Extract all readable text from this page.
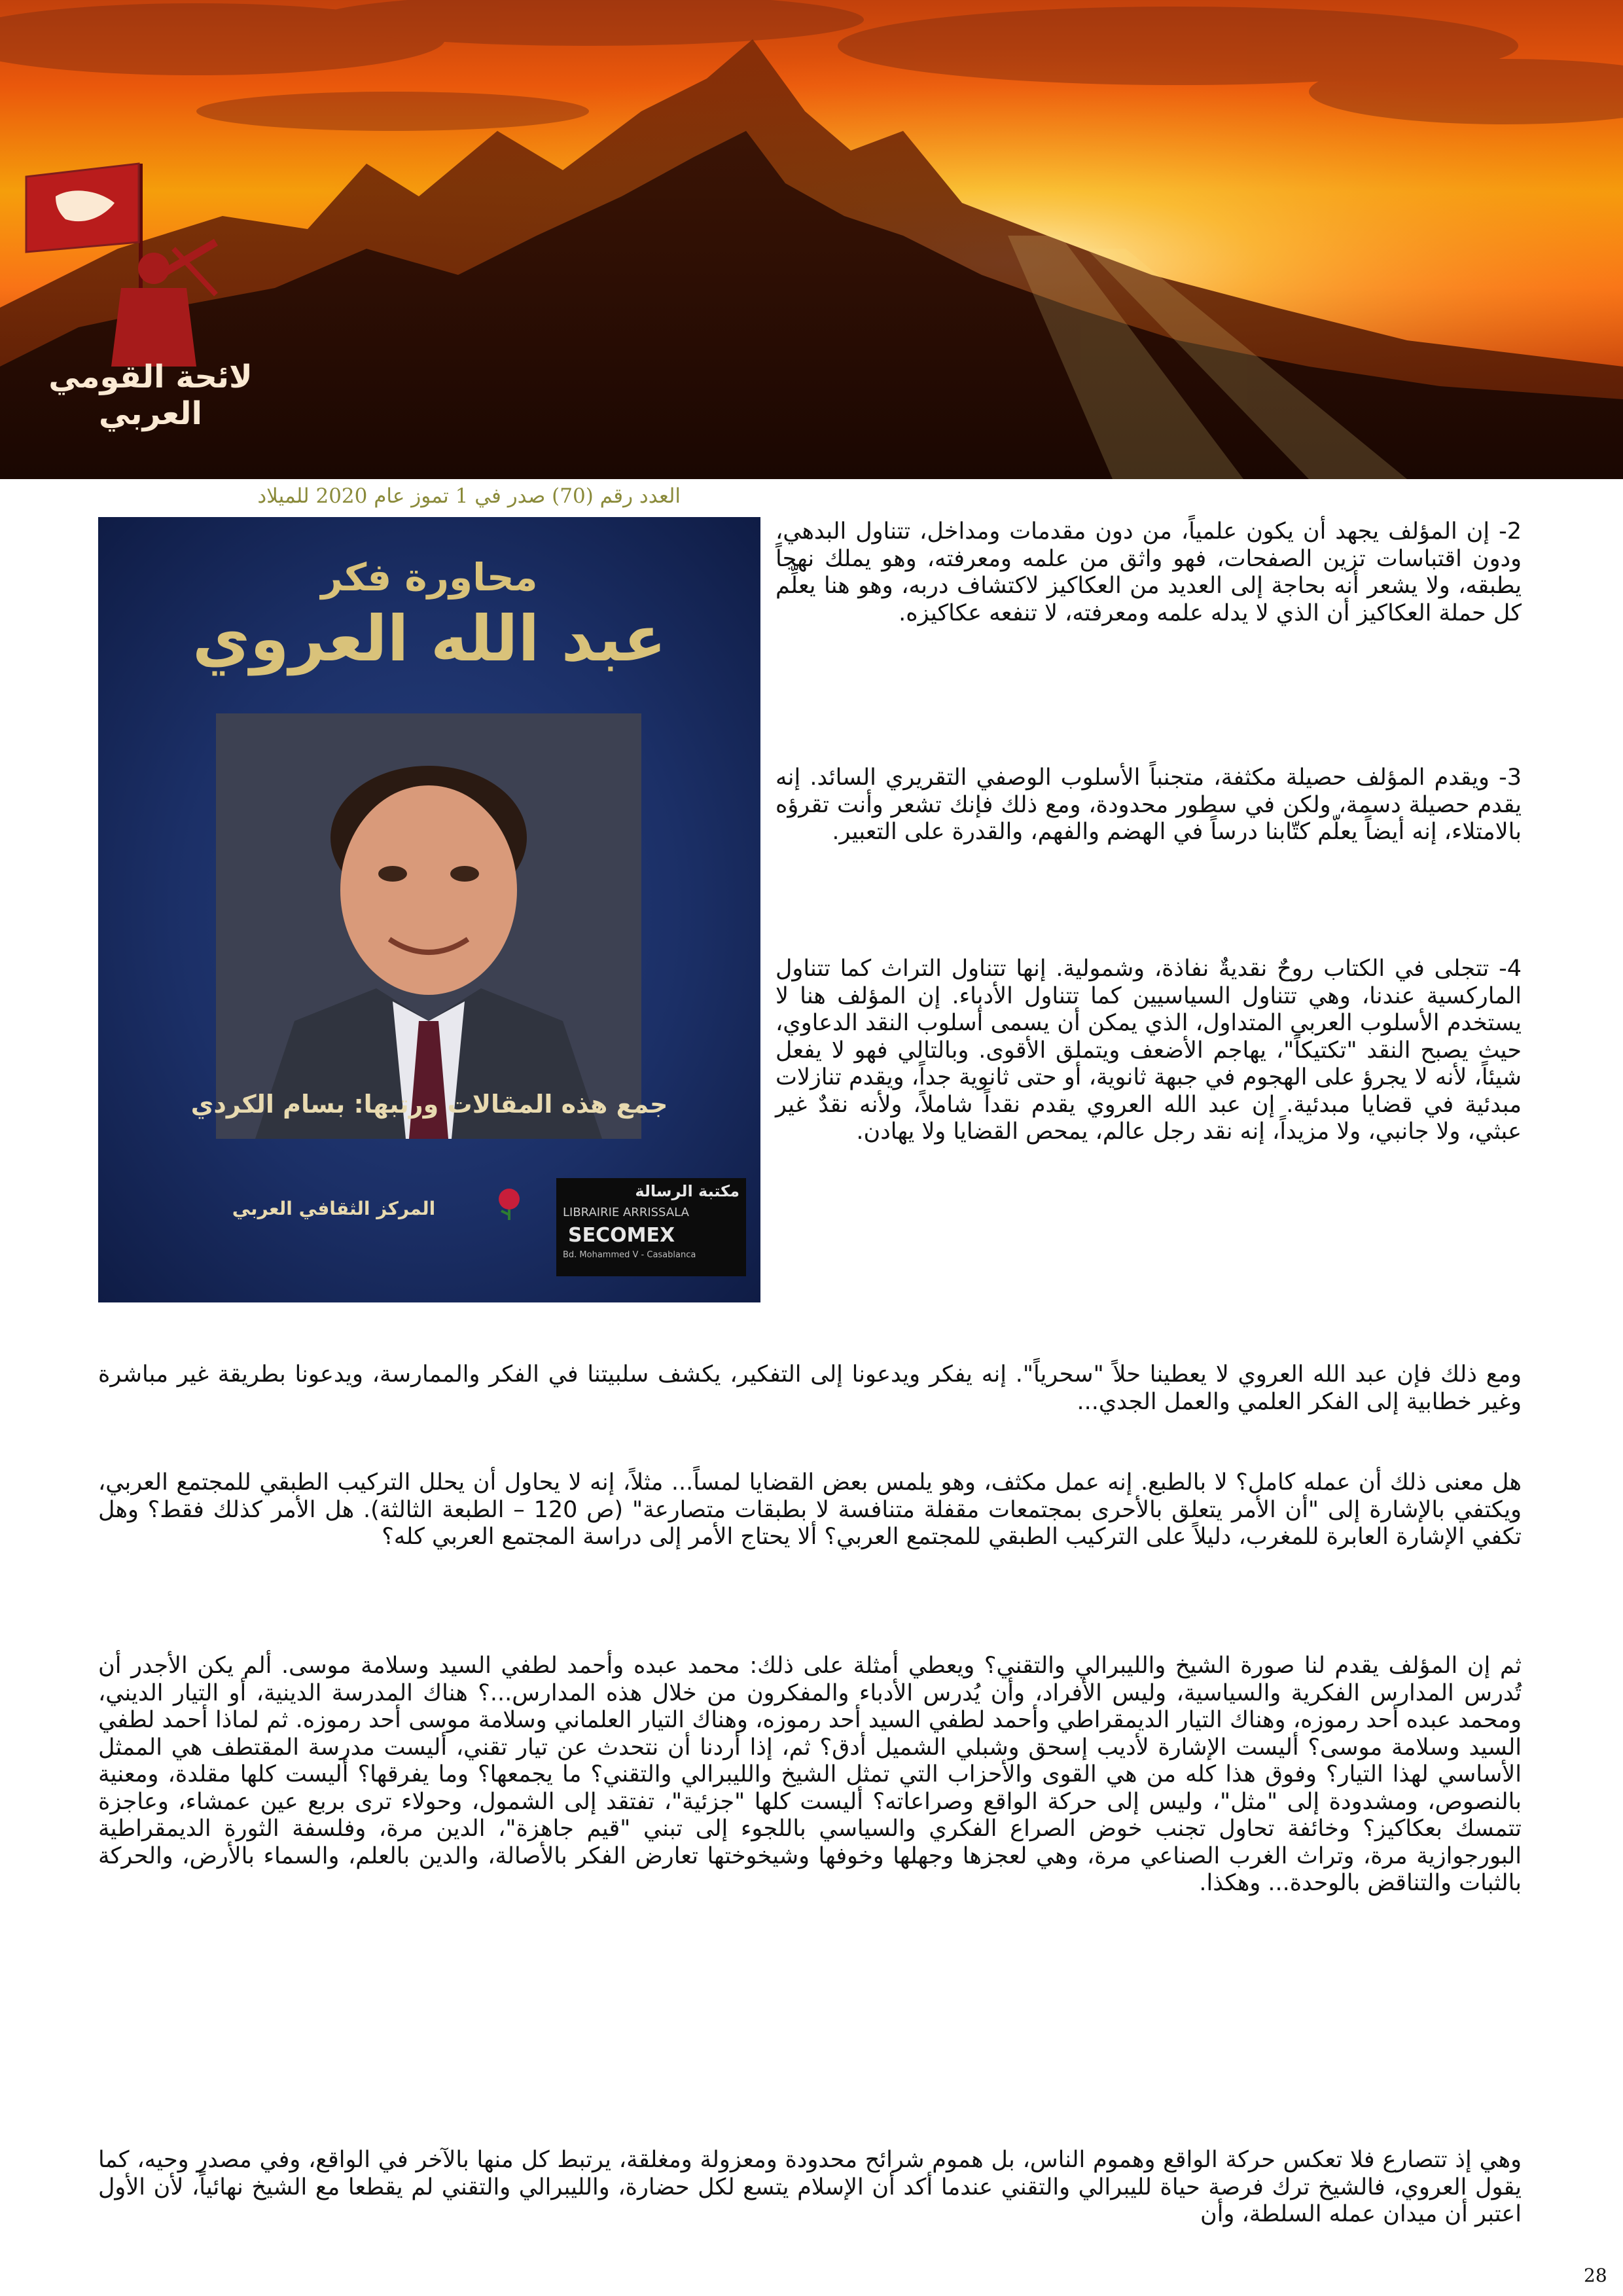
لائحة القومي العربي
العدد رقم (70) صدر في 1 تموز عام 2020 للميلاد
محاورة فكر
عبد الله العروي
جمع هذه المقالات ورتبها: بسام الكردي
المركز الثقافي العربي
مكتبة الرسالة
LIBRAIRIE ARRISSALA
SECOMEX
Bd. Mohammed V - Casablanca
2- إن المؤلف يجهد أن يكون علمياً، من دون مقدمات ومداخل، تتناول البدهي، ودون اقتباسات تزين الصفحات، فهو واثق من علمه ومعرفته، وهو يملك نهجاً يطبقه، ولا يشعر أنه بحاجة إلى العديد من العكاكيز لاكتشاف دربه، وهو هنا يعلِّم كل حملة العكاكيز أن الذي لا يدله علمه ومعرفته، لا تنفعه عكاكيزه.
3- ويقدم المؤلف حصيلة مكثفة، متجنباً الأسلوب الوصفي التقريري السائد. إنه يقدم حصيلة دسمة، ولكن في سطور محدودة، ومع ذلك فإنك تشعر وأنت تقرؤه بالامتلاء، إنه أيضاً يعلّم كتّابنا درساً في الهضم والفهم، والقدرة على التعبير.
4- تتجلى في الكتاب روحٌ نقديةٌ نفاذة، وشمولية. إنها تتناول التراث كما تتناول الماركسية عندنا، وهي تتناول السياسيين كما تتناول الأدباء. إن المؤلف هنا لا يستخدم الأسلوب العربي المتداول، الذي يمكن أن يسمى أسلوب النقد الدعاوي، حيث يصبح النقد "تكتيكاً"، يهاجم الأضعف ويتملق الأقوى. وبالتالي فهو لا يفعل شيئاً، لأنه لا يجرؤ على الهجوم في جبهة ثانوية، أو حتى ثانوية جداً، ويقدم تنازلات مبدئية في قضايا مبدئية. إن عبد الله العروي يقدم نقداً شاملاً، ولأنه نقدٌ غير عبثي، ولا جانبي، ولا مزيداً، إنه نقد رجل عالم، يمحص القضايا ولا يهادن.
ومع ذلك فإن عبد الله العروي لا يعطينا حلاً "سحرياً". إنه يفكر ويدعونا إلى التفكير، يكشف سلبيتنا في الفكر والممارسة، ويدعونا بطريقة غير مباشرة وغير خطابية إلى الفكر العلمي والعمل الجدي...
هل معنى ذلك أن عمله كامل؟ لا بالطبع. إنه عمل مكثف، وهو يلمس بعض القضايا لمساً... مثلاً، إنه لا يحاول أن يحلل التركيب الطبقي للمجتمع العربي، ويكتفي بالإشارة إلى "أن الأمر يتعلق بالأحرى بمجتمعات مقفلة متنافسة لا بطبقات متصارعة" (ص 120 – الطبعة الثالثة). هل الأمر كذلك فقط؟ وهل تكفي الإشارة العابرة للمغرب، دليلاً على التركيب الطبقي للمجتمع العربي؟ ألا يحتاج الأمر إلى دراسة المجتمع العربي كله؟
ثم إن المؤلف يقدم لنا صورة الشيخ والليبرالي والتقني؟ ويعطي أمثلة على ذلك: محمد عبده وأحمد لطفي السيد وسلامة موسى. ألم يكن الأجدر أن تُدرس المدارس الفكرية والسياسية، وليس الأفراد، وأن يُدرس الأدباء والمفكرون من خلال هذه المدارس...؟ هناك المدرسة الدينية، أو التيار الديني، ومحمد عبده أحد رموزه، وهناك التيار الديمقراطي وأحمد لطفي السيد أحد رموزه، وهناك التيار العلماني وسلامة موسى أحد رموزه. ثم لماذا أحمد لطفي السيد وسلامة موسى؟ أليست الإشارة لأديب إسحق وشبلي الشميل أدق؟ ثم، إذا أردنا أن نتحدث عن تيار تقني، أليست مدرسة المقتطف هي الممثل الأساسي لهذا التيار؟ وفوق هذا كله من هي القوى والأحزاب التي تمثل الشيخ والليبرالي والتقني؟ ما يجمعها؟ وما يفرقها؟ أليست كلها مقلدة، ومعنية بالنصوص، ومشدودة إلى "مثل"، وليس إلى حركة الواقع وصراعاته؟ أليست كلها "جزئية"، تفتقد إلى الشمول، وحولاء ترى بربع عين عمشاء، وعاجزة تتمسك بعكاكيز؟ وخائفة تحاول تجنب خوض الصراع الفكري والسياسي باللجوء إلى تبني "قيم جاهزة"، الدين مرة، وفلسفة الثورة الديمقراطية البورجوازية مرة، وتراث الغرب الصناعي مرة، وهي لعجزها وجهلها وخوفها وشيخوختها تعارض الفكر بالأصالة، والدين بالعلم، والسماء بالأرض، والحركة بالثبات والتناقض بالوحدة... وهكذا.
وهي إذ تتصارع فلا تعكس حركة الواقع وهموم الناس، بل هموم شرائح محدودة ومعزولة ومغلقة، يرتبط كل منها بالآخر في الواقع، وفي مصدر وحيه، كما يقول العروي، فالشيخ ترك فرصة حياة لليبرالي والتقني عندما أكد أن الإسلام يتسع لكل حضارة، والليبرالي والتقني لم يقطعا مع الشيخ نهائياً، لأن الأول اعتبر أن ميدان عمله السلطة، وأن
28
